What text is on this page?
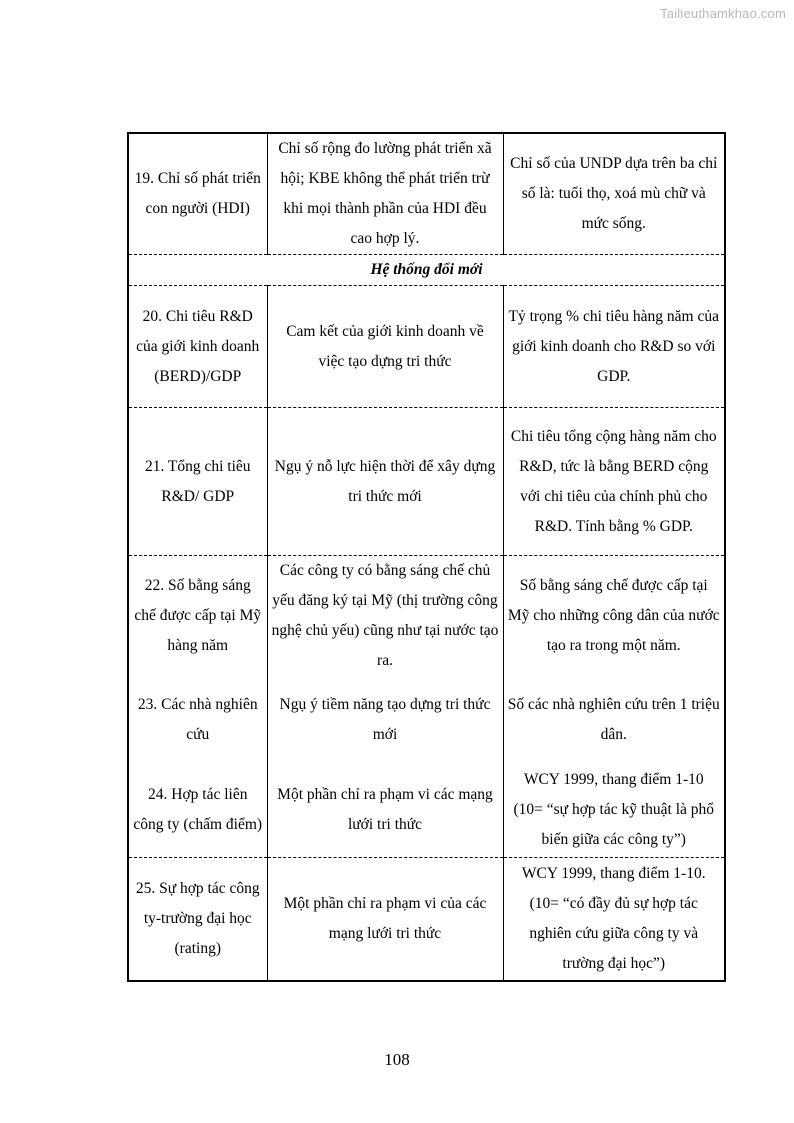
Tailieuthamkhao.com
19. Chỉ số phát triển con người (HDI)	Chỉ số rộng đo lường phát triển xã hội; KBE không thể phát triển trừ khi mọi thành phần của HDI đều cao hợp lý.	Chỉ số của UNDP dựa trên ba chỉ số là: tuổi thọ, xoá mù chữ và mức sống.
Hệ thống đổi mới		
20. Chi tiêu R&D của giới kinh doanh (BERD)/GDP	Cam kết của giới kinh doanh về việc tạo dựng tri thức	Tỷ trọng % chi tiêu hàng năm của giới kinh doanh cho R&D so với GDP.
21. Tổng chi tiêu R&D/ GDP	Ngụ ý nỗ lực hiện thời để xây dựng tri thức mới	Chi tiêu tổng cộng hàng năm cho R&D, tức là bằng BERD cộng với chi tiêu của chính phủ cho R&D. Tính bằng % GDP.
22. Số bằng sáng chế được cấp tại Mỹ hàng năm	Các công ty có bằng sáng chế chủ yếu đăng ký tại Mỹ (thị trường công nghệ chủ yếu) cũng như tại nước tạo ra.	Số bằng sáng chế được cấp tại Mỹ cho những công dân của nước tạo ra trong một năm.
23. Các nhà nghiên cứu	Ngụ ý tiềm năng tạo dựng tri thức mới	Số các nhà nghiên cứu trên 1 triệu dân.
24. Hợp tác liên công ty (chấm điểm)	Một phần chỉ ra phạm vi các mạng lưới tri thức	WCY 1999, thang điểm 1-10 (10= “sự hợp tác kỹ thuật là phổ biến giữa các công ty”)
25. Sự hợp tác công ty-trường đại học (rating)	Một phần chỉ ra phạm vi của các mạng lưới tri thức	WCY 1999, thang điểm 1-10. (10= “có đầy đủ sự hợp tác nghiên cứu giữa công ty và trường đại học”)
108
